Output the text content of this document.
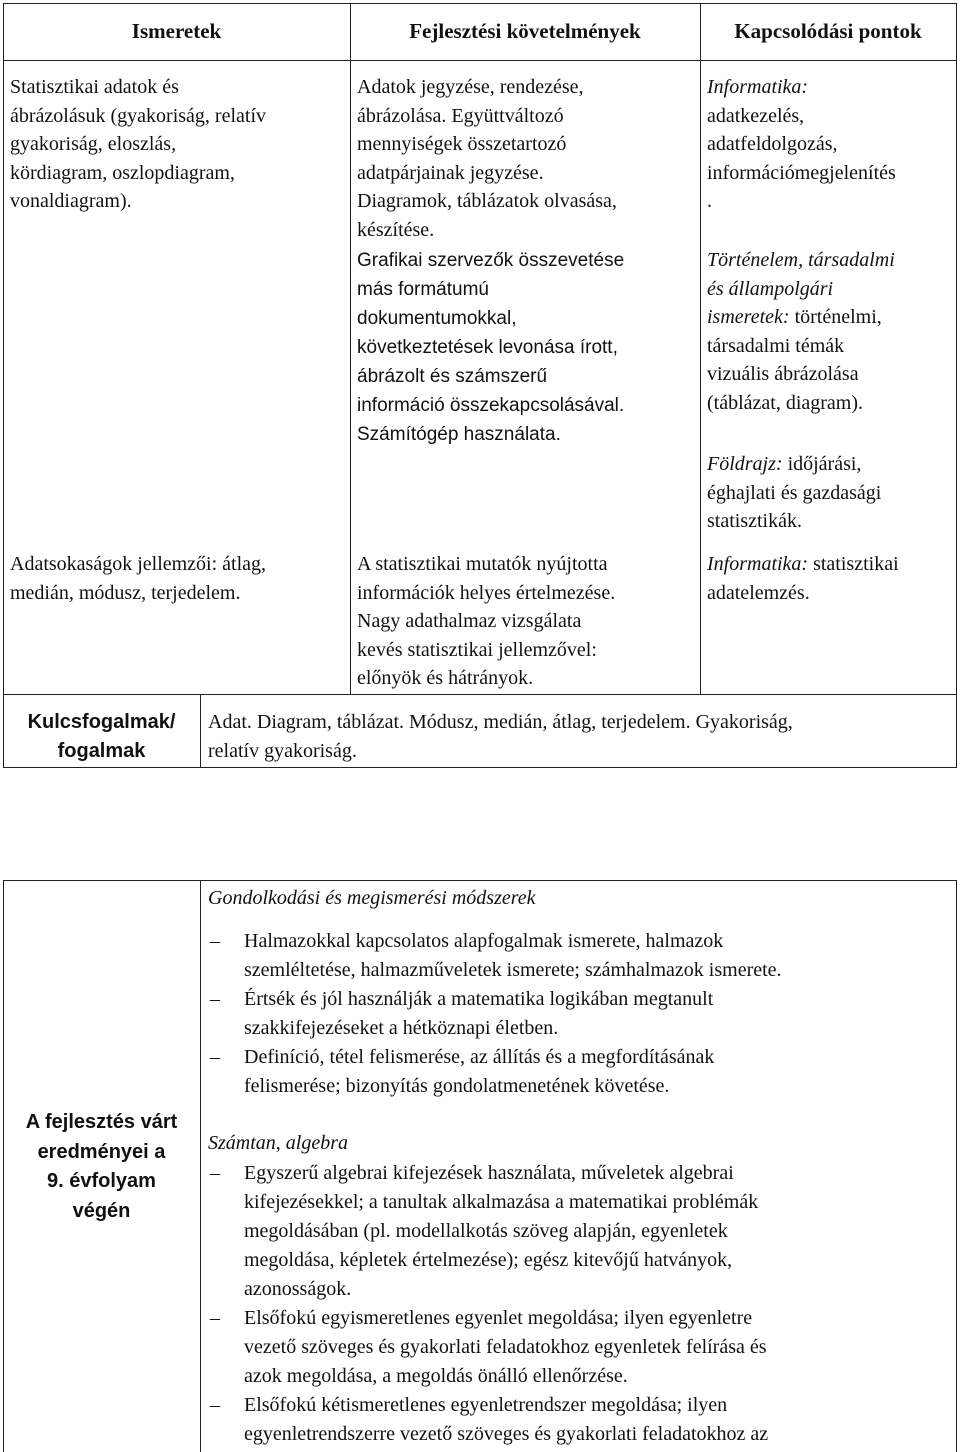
Ismeretek	Fejlesztési követelmények	Kapcsolódási pontok
Statisztikai adatok és
ábrázolásuk (gyakoriság, relatív
gyakoriság, eloszlás,
kördiagram, oszlopdiagram,
vonaldiagram).
Adatok jegyzése, rendezése,
ábrázolása. Együttváltozó
mennyiségek összetartozó
adatpárjainak jegyzése.
Diagramok, táblázatok olvasása,
készítése.
Grafikai szervezők összevetése
más formátumú
dokumentumokkal,
következtetések levonása írott,
ábrázolt és számszerű
információ összekapcsolásával.
Számítógép használata.
Informatika:
adatkezelés,
adatfeldolgozás,
információmegjelenítés
.
Történelem, társadalmi
és állampolgári
ismeretek: történelmi,
társadalmi témák
vizuális ábrázolása
(táblázat, diagram).
Földrajz: időjárási,
éghajlati és gazdasági
statisztikák.
Adatsokaságok jellemzői: átlag,
medián, módusz, terjedelem.
A statisztikai mutatók nyújtotta
információk helyes értelmezése.
Nagy adathalmaz vizsgálata
kevés statisztikai jellemzővel:
előnyök és hátrányok.
Informatika: statisztikai
adatelemzés.
Kulcsfogalmak/
fogalmak
Adat. Diagram, táblázat. Módusz, medián, átlag, terjedelem. Gyakoriság,
relatív gyakoriság.
A fejlesztés várt
eredményei a
9. évfolyam
végén
Gondolkodási és megismerési módszerek
– Halmazokkal kapcsolatos alapfogalmak ismerete, halmazok
szemléltetése, halmazműveletek ismerete; számhalmazok ismerete.
– Értsék és jól használják a matematika logikában megtanult
szakkifejezéseket a hétköznapi életben.
– Definíció, tétel felismerése, az állítás és a megfordításának
felismerése; bizonyítás gondolatmenetének követése.
Számtan, algebra
– Egyszerű algebrai kifejezések használata, műveletek algebrai
kifejezésekkel; a tanultak alkalmazása a matematikai problémák
megoldásában (pl. modellalkotás szöveg alapján, egyenletek
megoldása, képletek értelmezése); egész kitevőjű hatványok,
azonosságok.
– Elsőfokú egyismeretlenes egyenlet megoldása; ilyen egyenletre
vezető szöveges és gyakorlati feladatokhoz egyenletek felírása és
azok megoldása, a megoldás önálló ellenőrzése.
– Elsőfokú kétismeretlenes egyenletrendszer megoldása; ilyen
egyenletrendszerre vezető szöveges és gyakorlati feladatokhoz az
